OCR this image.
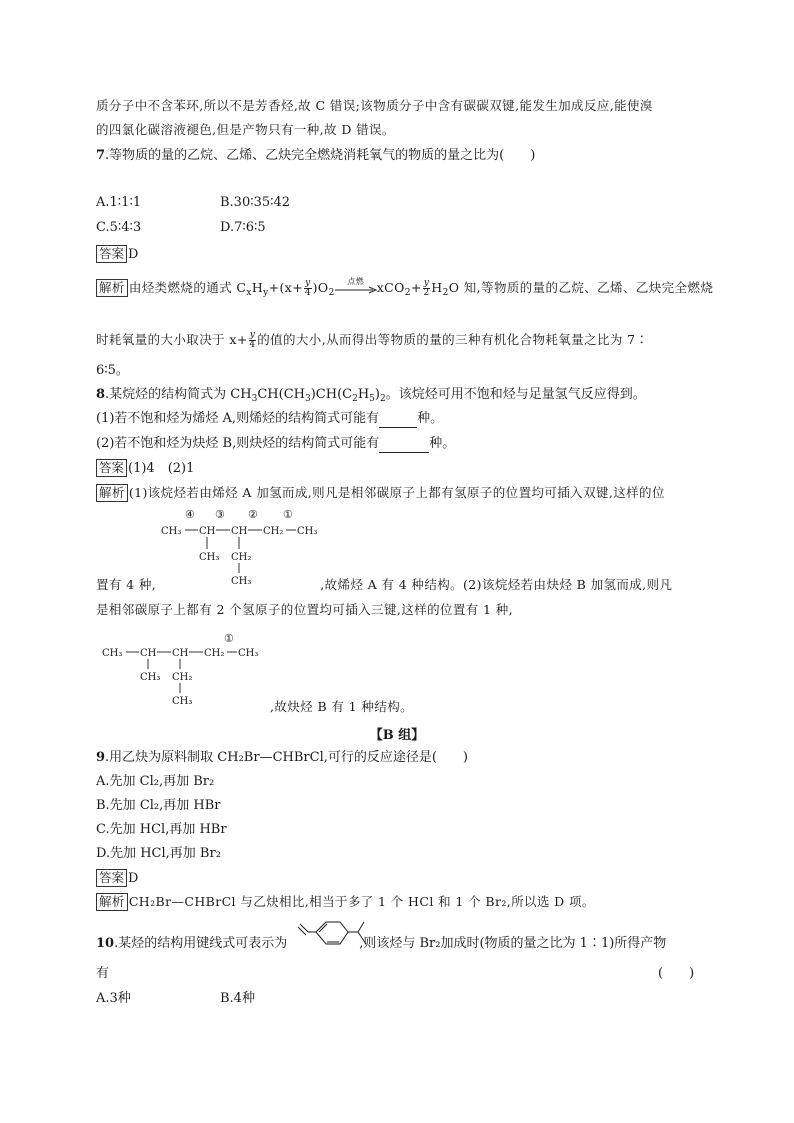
质分子中不含苯环,所以不是芳香烃,故 C 错误;该物质分子中含有碳碳双键,能发生加成反应,能使溴
的四氯化碳溶液褪色,但是产物只有一种,故 D 错误。
7.等物质的量的乙烷、乙烯、乙炔完全燃烧消耗氧气的物质的量之比为(　　)
A.1∶1∶1	B.30∶35∶42
C.5∶4∶3	D.7∶6∶5
答案 D
解析 由烃类燃烧的通式 $C_xH_y+(x+ \frac{y}{4} )O_2$
点燃	$xCO_2+ \frac{y}{2} H_2O$ 知,等物质的量的乙烷、乙烯、乙炔完全燃烧
时耗氧量的大小取决于 $x+ \frac{y}{4}$ 的值的大小,从而得出等物质的量的三种有机化合物耗氧量之比为 7∶
6∶5。
8.某烷烃的结构简式为 $CH_3CH(CH_3)CH(C_2H_5)_2$。该烷烃可用不饱和烃与足量氢气反应得到。
(1)若不饱和烃为烯烃 A,则烯烃的结构简式可能有	种。
(2)若不饱和烃为炔烃 B,则炔烃的结构简式可能有	种。
答案 (1)4　(2)1
解析 (1)该烷烃若由烯烃 A 加氢而成,则凡是相邻碳原子上都有氢原子的位置均可插入双键,这样的位
④ ③ ② ①
CH₃ CH CH CH₂ CH₃
CH₃ CH₂
CH₃
置有 4 种,	,故烯烃 A 有 4 种结构。(2)该烷烃若由炔烃 B 加氢而成,则凡
是相邻碳原子上都有 2 个氢原子的位置均可插入三键,这样的位置有 1 种,
①
CH₃ CH CH CH₂ CH₃
CH₃ CH₂
CH₃	,故炔烃 B 有 1 种结构。
【B 组】
9.用乙炔为原料制取 CH₂Br—CHBrCl,可行的反应途径是(　　)
A.先加 Cl₂,再加 Br₂
B.先加 Cl₂,再加 HBr
C.先加 HCl,再加 HBr
D.先加 HCl,再加 Br₂
答案 D
解析 CH₂Br—CHBrCl 与乙炔相比,相当于多了 1 个 HCl 和 1 个 Br₂,所以选 D 项。
10.某烃的结构用键线式可表示为	,则该烃与 Br₂加成时(物质的量之比为 1∶1)所得产物
有	(　　)
A.3种	B.4种
